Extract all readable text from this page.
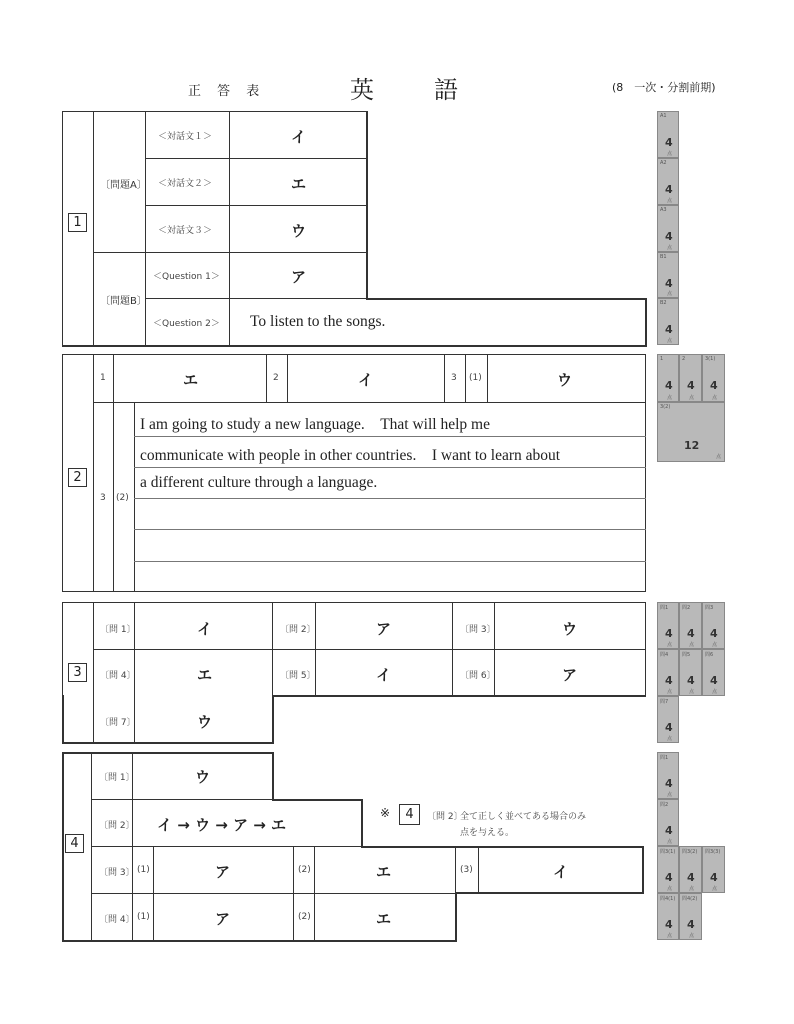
正 答 表	英	語	(8　一次・分割前期)
1
〔問題A〕
〔問題B〕
＜対話文１＞	イ
＜対話文２＞	エ
＜対話文３＞	ウ
＜Question 1＞	ア
＜Question 2＞ To listen to the songs.
A1
4
点
A2
4
点
A3
4
点
B1
4
点
B2
4
点
2
1	エ	2	イ	3 (1)	ウ
3 (2)
I am going to study a new language.　That will help me
communicate with people in other countries.　I want to learn about
a different culture through a language.
1
4
点
2
4
点
3(1)
4
点
3(2)
12
点
3
〔問 1〕	イ	〔問 2〕	ア	〔問 3〕	ウ
〔問 4〕	エ	〔問 5〕	イ	〔問 6〕	ア
〔問 7〕	ウ
問1
4
点
問2
4
点
問3
4
点
問4
4
点
問5
4
点
問6
4
点
問7
4
点
4
〔問 1〕	ウ
〔問 2〕 イ → ウ → ア → エ
〔問 3〕 (1)	ア	(2)	エ	(3)	イ
〔問 4〕 (1)	ア	(2)	エ
※	4	〔問 2〕
全て正しく並べてある場合のみ
点を与える。
問1
4
点
問2
4
点
問3(1)
4
点
問3(2)
4
点
問3(3)
4
点
問4(1)
4
点
問4(2)
4
点
